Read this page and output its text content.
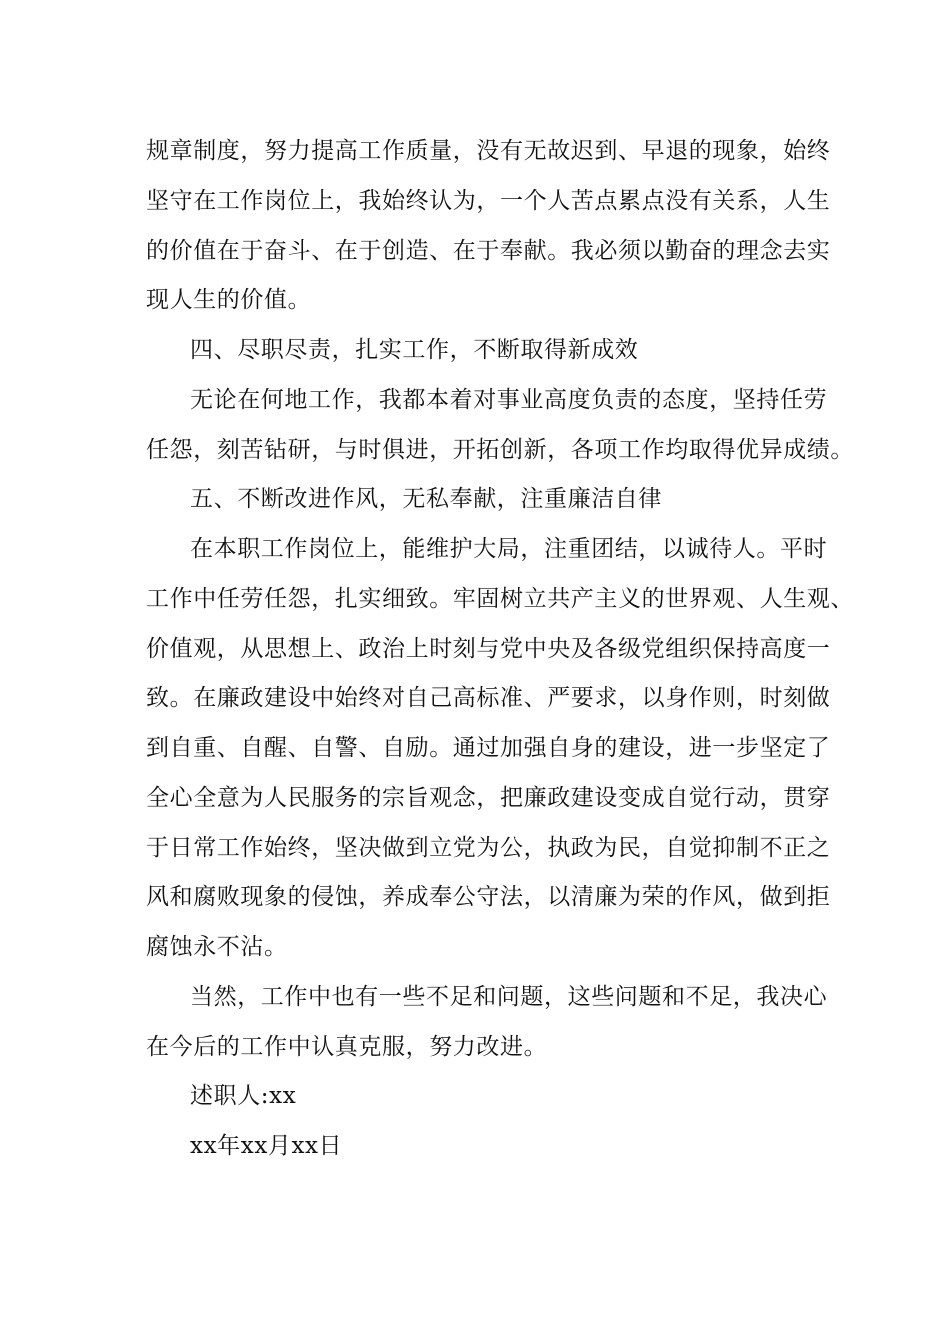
规章制度，努力提高工作质量，没有无故迟到、早退的现象，始终
坚守在工作岗位上，我始终认为，一个人苦点累点没有关系，人生
的价值在于奋斗、在于创造、在于奉献。我必须以勤奋的理念去实
现人生的价值。
四、尽职尽责，扎实工作，不断取得新成效
无论在何地工作，我都本着对事业高度负责的态度，坚持任劳
任怨，刻苦钻研，与时俱进，开拓创新，各项工作均取得优异成绩。
五、不断改进作风，无私奉献，注重廉洁自律
在本职工作岗位上，能维护大局，注重团结，以诚待人。平时
工作中任劳任怨，扎实细致。牢固树立共产主义的世界观、人生观、
价值观，从思想上、政治上时刻与党中央及各级党组织保持高度一
致。在廉政建设中始终对自己高标准、严要求，以身作则，时刻做
到自重、自醒、自警、自励。通过加强自身的建设，进一步坚定了
全心全意为人民服务的宗旨观念，把廉政建设变成自觉行动，贯穿
于日常工作始终，坚决做到立党为公，执政为民，自觉抑制不正之
风和腐败现象的侵蚀，养成奉公守法，以清廉为荣的作风，做到拒
腐蚀永不沾。
当然，工作中也有一些不足和问题，这些问题和不足，我决心
在今后的工作中认真克服，努力改进。
述职人:xx
xx年xx月xx日
